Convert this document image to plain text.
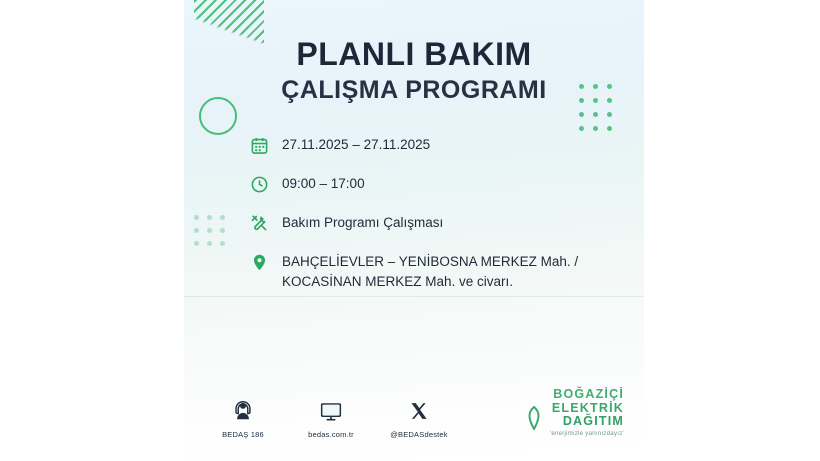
PLANLI BAKIM
ÇALIŞMA PROGRAMI
27.11.2025 – 27.11.2025
09:00 – 17:00
Bakım Programı Çalışması
BAHÇELİEVLER – YENİBOSNA MERKEZ Mah. /
KOCASİNAN MERKEZ Mah. ve civarı.
BEDAŞ 186	bedas.com.tr	@BEDASdestek
BOĞAZİÇİ
ELEKTRİK
DAĞITIM
'enerjimizle yanınızdayız'
